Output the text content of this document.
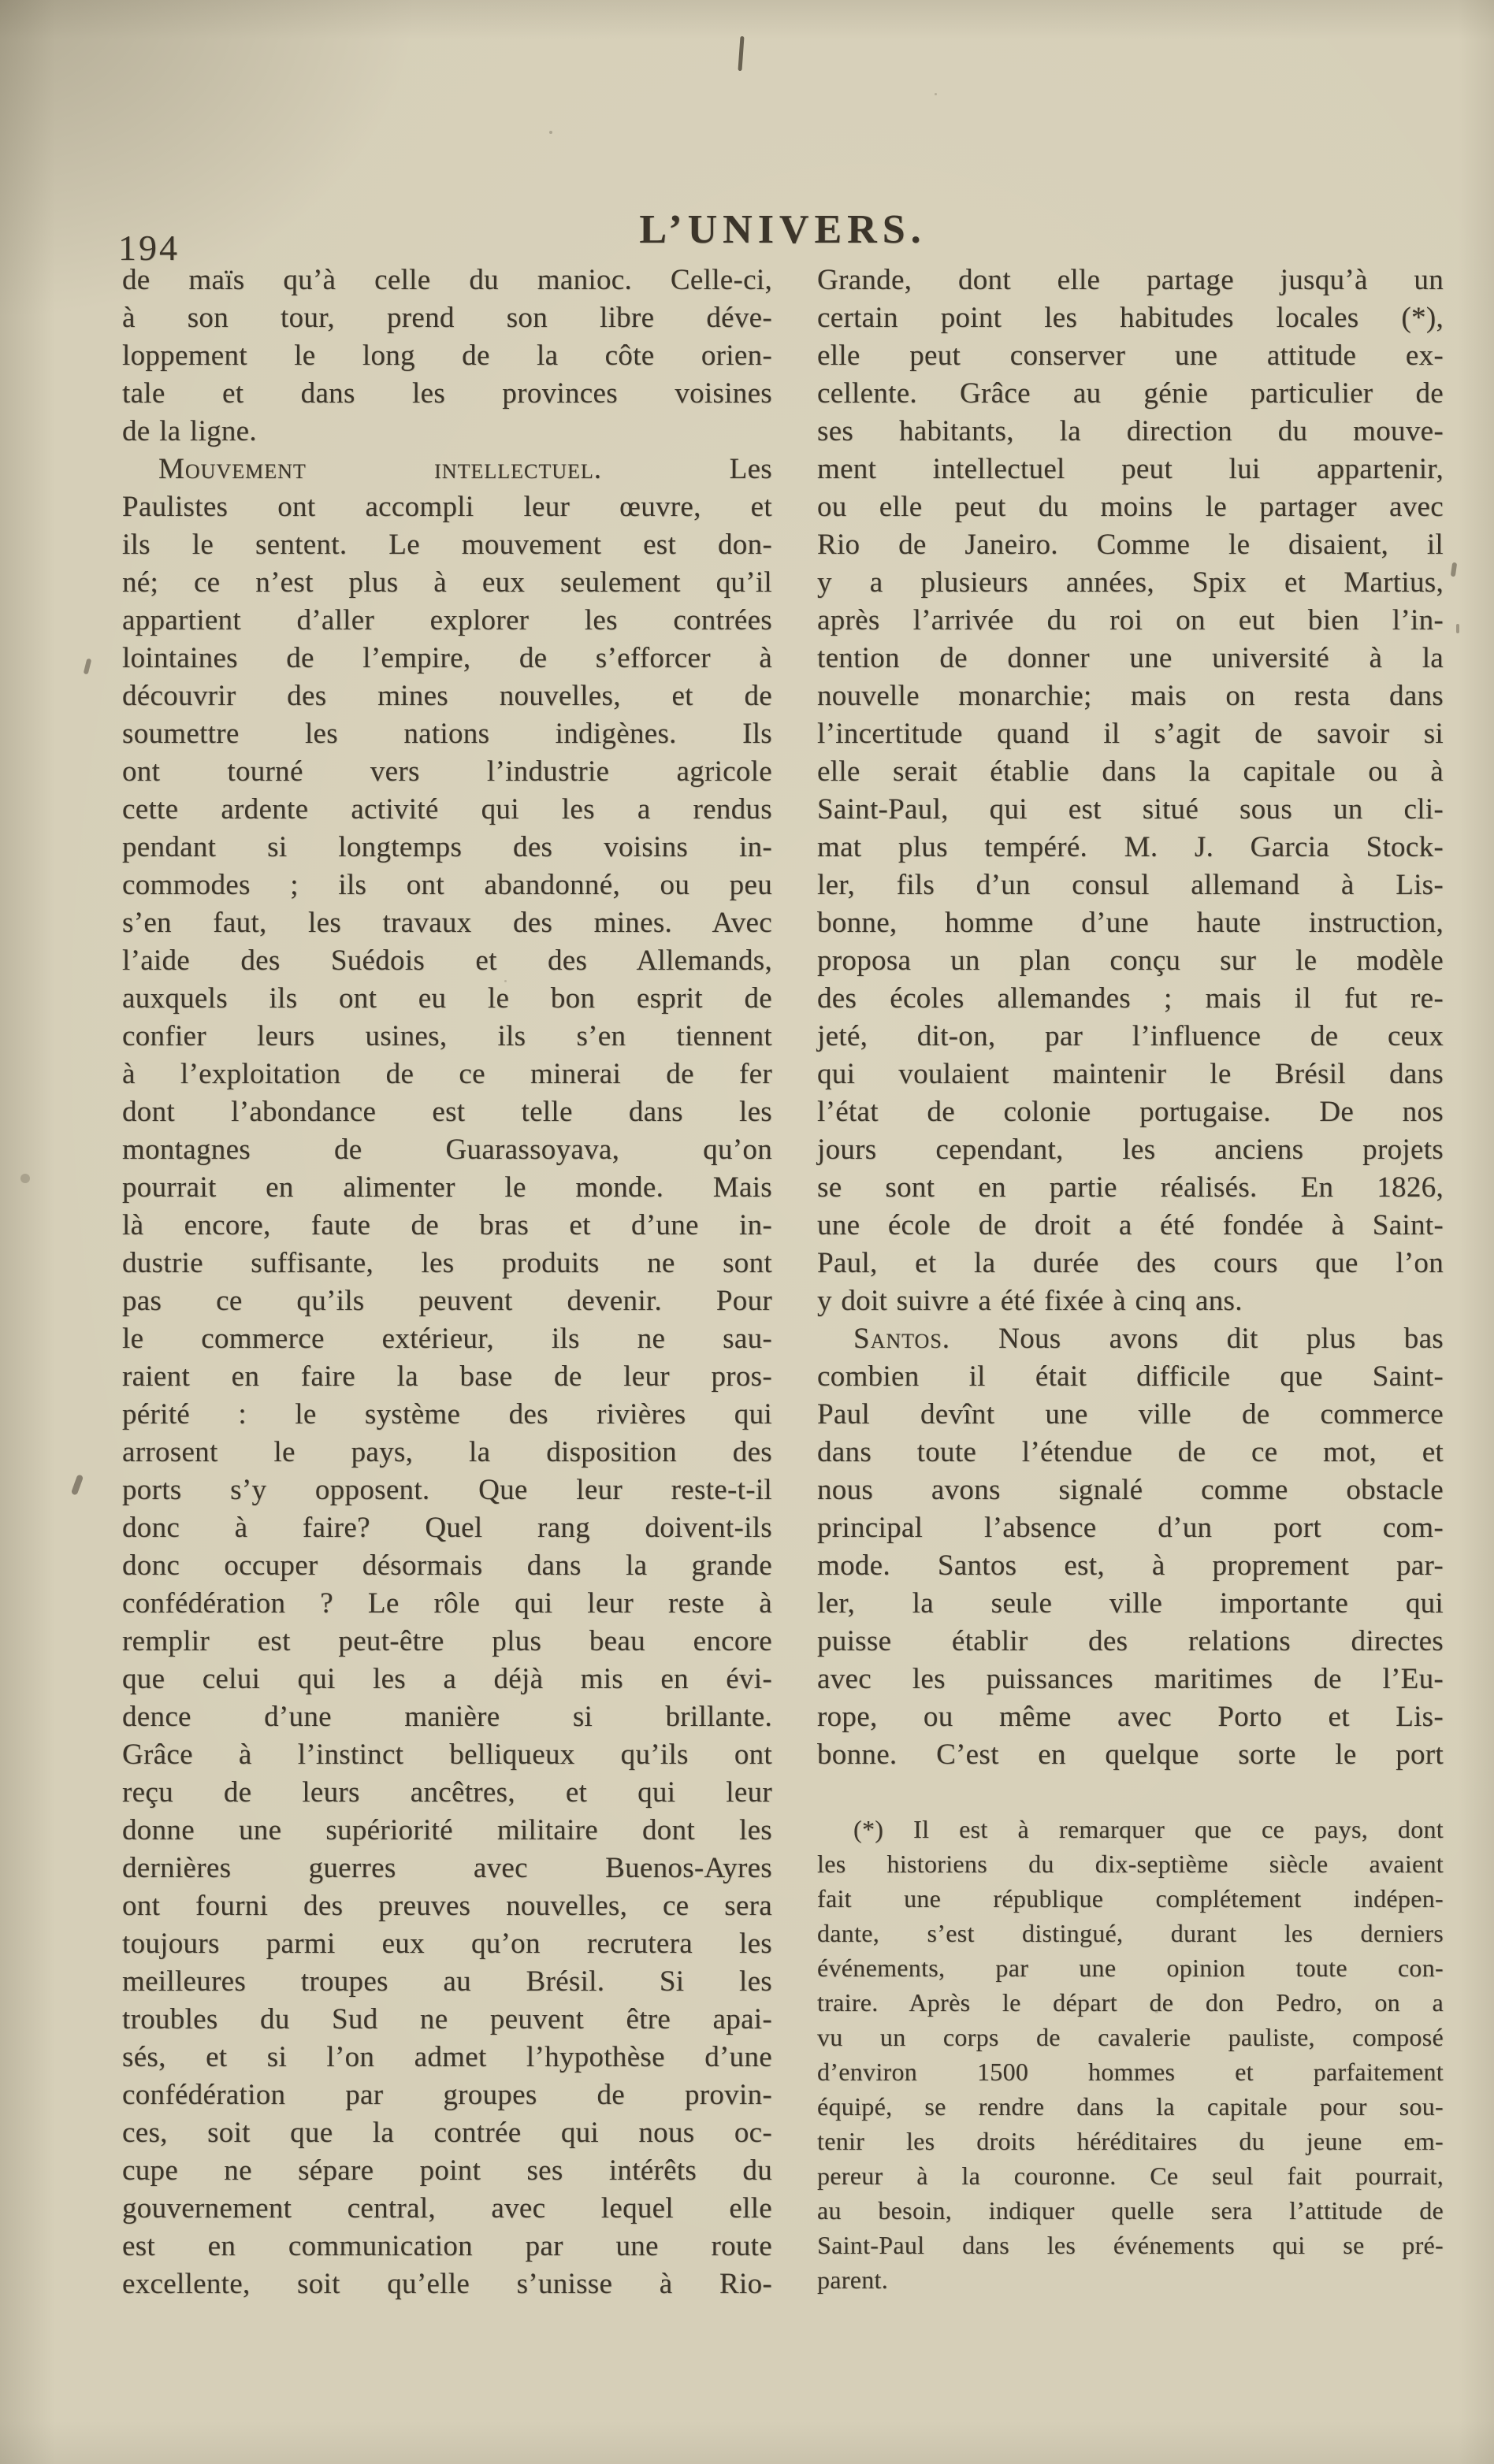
194	L’UNIVERS.
de maïs qu’à celle du manioc. Celle-ci,
à son tour, prend son libre déve-
loppement le long de la côte orien-
tale et dans les provinces voisines
de la ligne.
Mouvement intellectuel. Les
Paulistes ont accompli leur œuvre, et
ils le sentent. Le mouvement est don-
né; ce n’est plus à eux seulement qu’il
appartient d’aller explorer les contrées
lointaines de l’empire, de s’efforcer à
découvrir des mines nouvelles, et de
soumettre les nations indigènes. Ils
ont tourné vers l’industrie agricole
cette ardente activité qui les a rendus
pendant si longtemps des voisins in-
commodes ; ils ont abandonné, ou peu
s’en faut, les travaux des mines. Avec
l’aide des Suédois et des Allemands,
auxquels ils ont eu le bon esprit de
confier leurs usines, ils s’en tiennent
à l’exploitation de ce minerai de fer
dont l’abondance est telle dans les
montagnes de Guarassoyava, qu’on
pourrait en alimenter le monde. Mais
là encore, faute de bras et d’une in-
dustrie suffisante, les produits ne sont
pas ce qu’ils peuvent devenir. Pour
le commerce extérieur, ils ne sau-
raient en faire la base de leur pros-
périté : le système des rivières qui
arrosent le pays, la disposition des
ports s’y opposent. Que leur reste-t-il
donc à faire? Quel rang doivent-ils
donc occuper désormais dans la grande
confédération ? Le rôle qui leur reste à
remplir est peut-être plus beau encore
que celui qui les a déjà mis en évi-
dence d’une manière si brillante.
Grâce à l’instinct belliqueux qu’ils ont
reçu de leurs ancêtres, et qui leur
donne une supériorité militaire dont les
dernières guerres avec Buenos-Ayres
ont fourni des preuves nouvelles, ce sera
toujours parmi eux qu’on recrutera les
meilleures troupes au Brésil. Si les
troubles du Sud ne peuvent être apai-
sés, et si l’on admet l’hypothèse d’une
confédération par groupes de provin-
ces, soit que la contrée qui nous oc-
cupe ne sépare point ses intérêts du
gouvernement central, avec lequel elle
est en communication par une route
excellente, soit qu’elle s’unisse à Rio-
Grande, dont elle partage jusqu’à un
certain point les habitudes locales (*),
elle peut conserver une attitude ex-
cellente. Grâce au génie particulier de
ses habitants, la direction du mouve-
ment intellectuel peut lui appartenir,
ou elle peut du moins le partager avec
Rio de Janeiro. Comme le disaient, il
y a plusieurs années, Spix et Martius,
après l’arrivée du roi on eut bien l’in-
tention de donner une université à la
nouvelle monarchie; mais on resta dans
l’incertitude quand il s’agit de savoir si
elle serait établie dans la capitale ou à
Saint-Paul, qui est situé sous un cli-
mat plus tempéré. M. J. Garcia Stock-
ler, fils d’un consul allemand à Lis-
bonne, homme d’une haute instruction,
proposa un plan conçu sur le modèle
des écoles allemandes ; mais il fut re-
jeté, dit-on, par l’influence de ceux
qui voulaient maintenir le Brésil dans
l’état de colonie portugaise. De nos
jours cependant, les anciens projets
se sont en partie réalisés. En 1826,
une école de droit a été fondée à Saint-
Paul, et la durée des cours que l’on
y doit suivre a été fixée à cinq ans.
Santos. Nous avons dit plus bas
combien il était difficile que Saint-
Paul devînt une ville de commerce
dans toute l’étendue de ce mot, et
nous avons signalé comme obstacle
principal l’absence d’un port com-
mode. Santos est, à proprement par-
ler, la seule ville importante qui
puisse établir des relations directes
avec les puissances maritimes de l’Eu-
rope, ou même avec Porto et Lis-
bonne. C’est en quelque sorte le port
(*) Il est à remarquer que ce pays, dont
les historiens du dix-septième siècle avaient
fait une république complétement indépen-
dante, s’est distingué, durant les derniers
événements, par une opinion toute con-
traire. Après le départ de don Pedro, on a
vu un corps de cavalerie pauliste, composé
d’environ 1500 hommes et parfaitement
équipé, se rendre dans la capitale pour sou-
tenir les droits héréditaires du jeune em-
pereur à la couronne. Ce seul fait pourrait,
au besoin, indiquer quelle sera l’attitude de
Saint-Paul dans les événements qui se pré-
parent.
